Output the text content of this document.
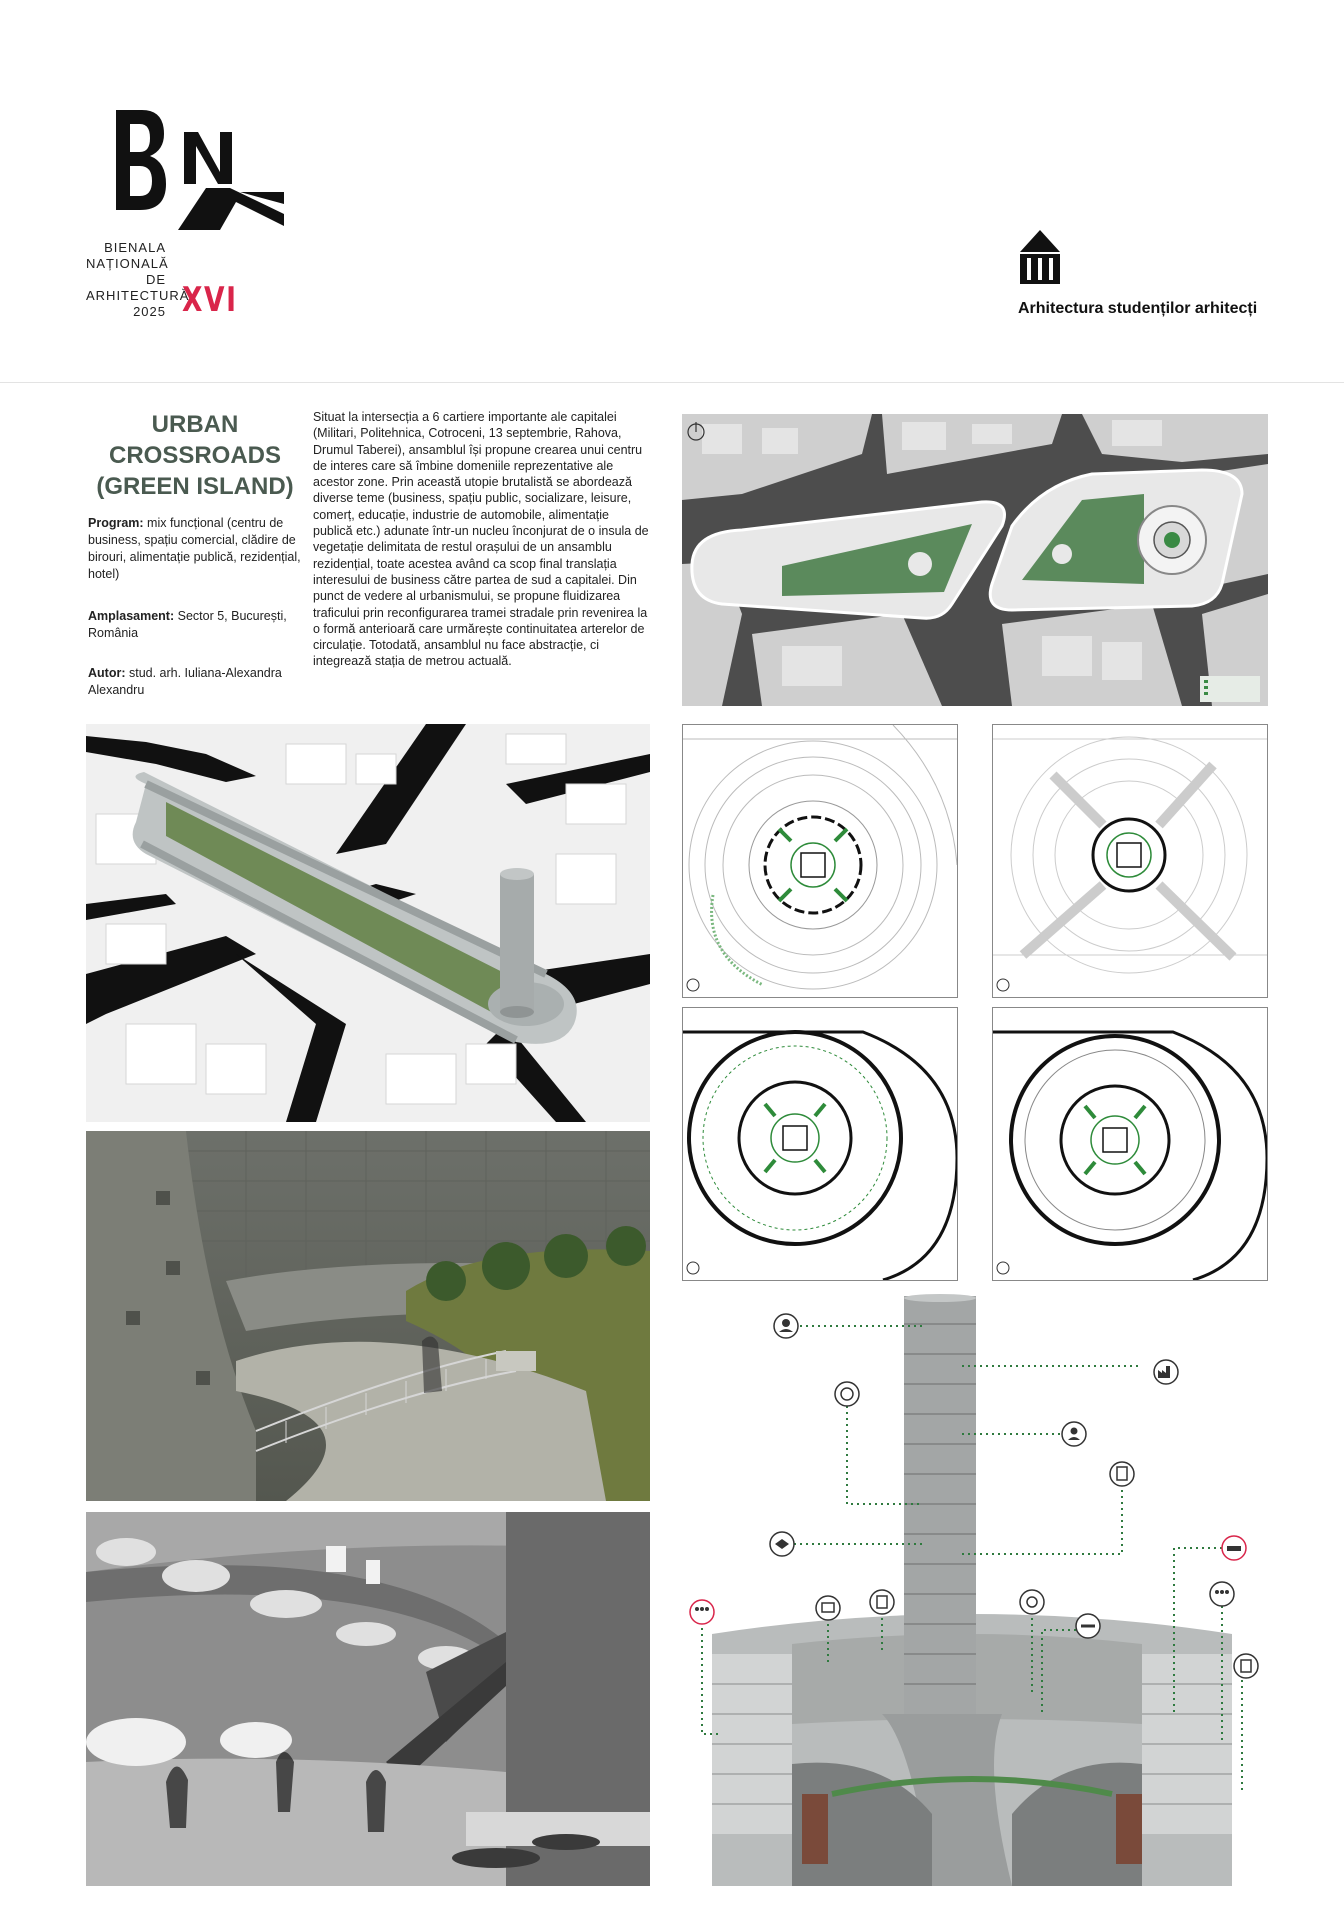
BIENALA
NAȚIONALĂ
DE
ARHITECTURĂ
2025 XVI	Arhitectura studenților arhitecți
URBAN
CROSSROADS
(GREEN ISLAND)
Program: mix funcțional (centru de business, spațiu comercial, clădire de birouri, alimentație publică, rezidențial, hotel)
Amplasament: Sector 5, București, România
Autor: stud. arh. Iuliana-Alexandra Alexandru
Situat la intersecția a 6 cartiere importante ale capitalei (Militari, Politehnica, Cotroceni, 13 septembrie, Rahova, Drumul Taberei), ansamblul își propune crearea unui centru de interes care să îmbine domeniile reprezentative ale acestor zone. Prin această utopie brutalistă se abordează diverse teme (business, spațiu public, socializare, leisure, comerț, educație, industrie de automobile, alimentație publică etc.) adunate într-un nucleu înconjurat de o insula de vegetație delimitata de restul orașului de un ansamblu rezidențial, toate acestea având ca scop final translația interesului de business către partea de sud a capitalei. Din punct de vedere al urbanismului, se propune fluidizarea traficului prin reconfigurarea tramei stradale prin revenirea la o formă anterioară care urmărește continuitatea arterelor de circulație. Totodată, ansamblul nu face abstracție, ci integrează stația de metrou actuală.
